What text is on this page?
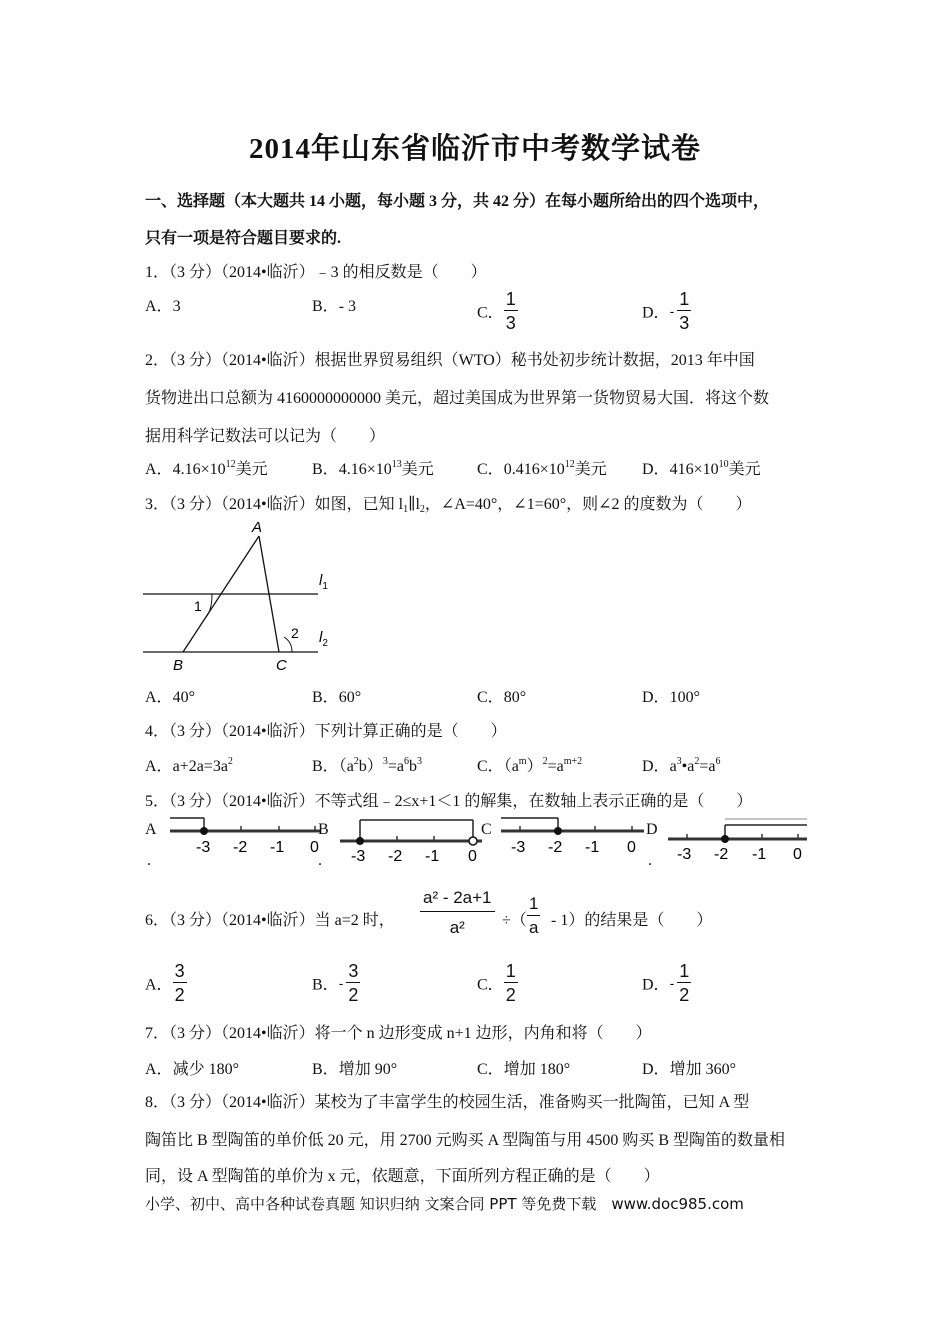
2014年山东省临沂市中考数学试卷
一、选择题（本大题共 14 小题，每小题 3 分，共 42 分）在每小题所给出的四个选项中，
只有一项是符合题目要求的.
1．（3 分）（2014•临沂）﹣3 的相反数是（　　）
A．3	B．- 3	C． $\frac{1}{3}$	D．- $\frac{1}{3}$
2．（3 分）（2014•临沂）根据世界贸易组织（WTO）秘书处初步统计数据，2013 年中国
货物进出口总额为 4160000000000 美元，超过美国成为世界第一货物贸易大国．将这个数
据用科学记数法可以记为（　　）
A．$4.16\times 10^{12}$美元	B．$4.16\times 10^{13}$美元	C．$0.416\times 10^{12}$美元 D．$416\times 10^{10}$美元
3．（3 分）（2014•临沂）如图，已知 $l_1\parallel l_2$，∠A=40°，∠1=60°，则∠2 的度数为（　　）
A
B	C
1
2
$l_1$
$l_2$
A．40°	B．60°	C．80°	D．100°
4．（3 分）（2014•临沂）下列计算正确的是（　　）
A．$a+2a=3a^2$	B．$(a^2b)^3=a^6b^3$	C．$(a^m)^2=a^{m+2}$	D．$a^3•a^2=a^6$
5．（3 分）（2014•临沂）不等式组﹣2≤x+1＜1 的解集，在数轴上表示正确的是（　　）
A
.
-3 -2 -1 0
B
. -3 -2 -1 0
C
-3 -2 -1 0
D
. -3 -2 -1 0
6．（3 分）（2014•临沂）当 a=2 时， $\frac{\text{a² - 2a+1}}{\text{a²}}$ ÷（ $\frac{1}{a} - 1$）的结果是（　　）
A． $\frac{3}{2}$	B．- $\frac{3}{2}$	C． $\frac{1}{2}$	D．- $\frac{1}{2}$
7．（3 分）（2014•临沂）将一个 n 边形变成 n+1 边形，内角和将（　　）
A．减少 180°	B．增加 90°	C．增加 180°	D．增加 360°
8．（3 分）（2014•临沂）某校为了丰富学生的校园生活，准备购买一批陶笛，已知 A 型
陶笛比 B 型陶笛的单价低 20 元，用 2700 元购买 A 型陶笛与用 4500 购买 B 型陶笛的数量相
同，设 A 型陶笛的单价为 x 元，依题意，下面所列方程正确的是（　　）
小学、初中、高中各种试卷真题 知识归纳 文案合同 PPT 等免费下载　www.doc985.com
